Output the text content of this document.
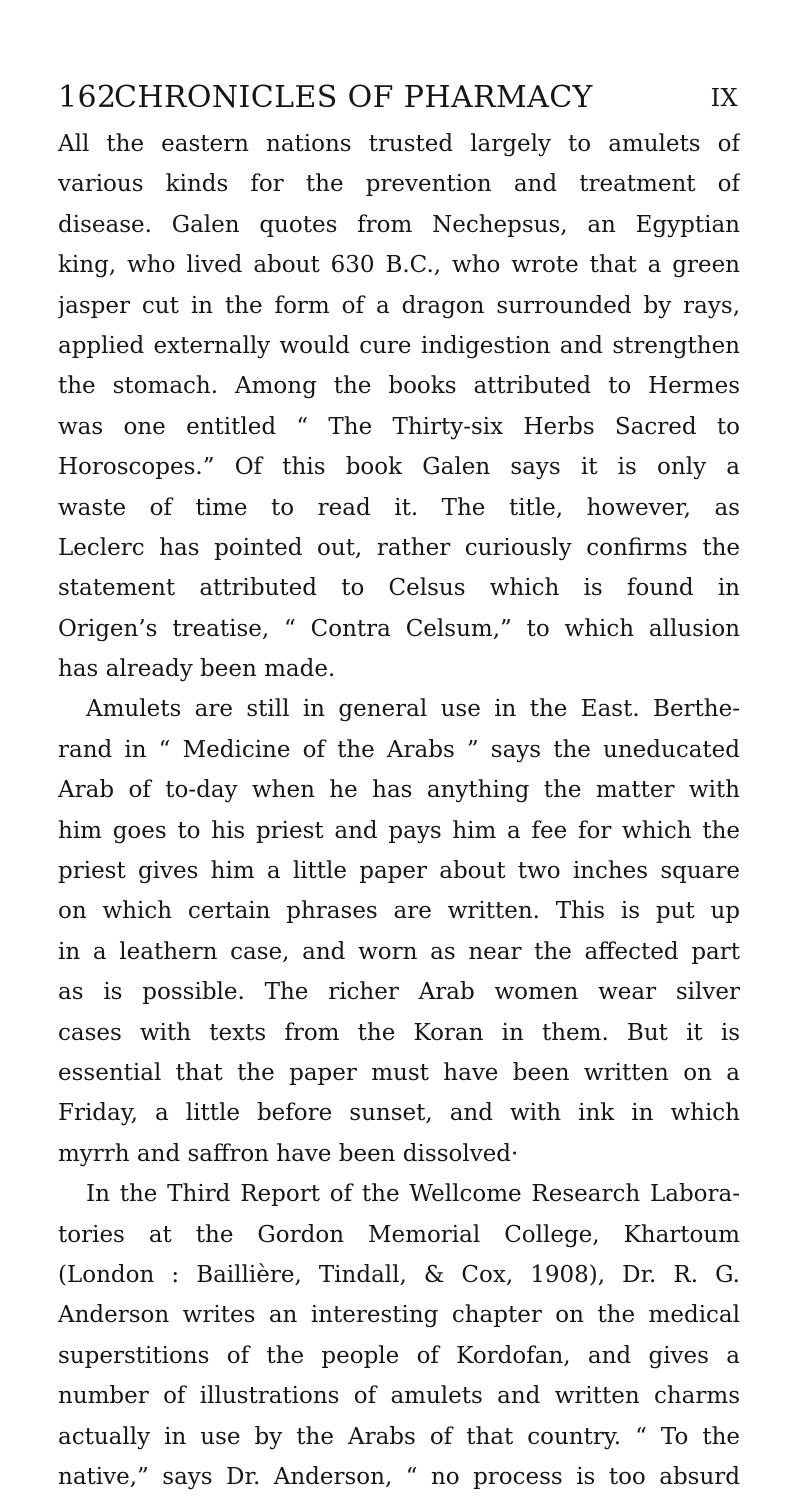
162
CHRONICLES OF PHARMACY	IX
All the eastern nations trusted largely to amulets of
various kinds for the prevention and treatment of
disease. Galen quotes from Nechepsus, an Egyptian
king, who lived about 630 B.C., who wrote that a green
jasper cut in the form of a dragon surrounded by rays,
applied externally would cure indigestion and strengthen
the stomach. Among the books attributed to Hermes
was one entitled “ The Thirty-six Herbs Sacred to
Horoscopes.” Of this book Galen says it is only a
waste of time to read it. The title, however, as
Leclerc has pointed out, rather curiously confirms the
statement attributed to Celsus which is found in
Origen’s treatise, “ Contra Celsum,” to which allusion
has already been made.
Amulets are still in general use in the East. Berthe-
rand in “ Medicine of the Arabs ” says the uneducated
Arab of to-day when he has anything the matter with
him goes to his priest and pays him a fee for which the
priest gives him a little paper about two inches square
on which certain phrases are written. This is put up
in a leathern case, and worn as near the affected part
as is possible. The richer Arab women wear silver
cases with texts from the Koran in them. But it is
essential that the paper must have been written on a
Friday, a little before sunset, and with ink in which
myrrh and saffron have been dissolved·
In the Third Report of the Wellcome Research Labora-
tories at the Gordon Memorial College, Khartoum
(London : Baillière, Tindall, & Cox, 1908), Dr. R. G.
Anderson writes an interesting chapter on the medical
superstitions of the people of Kordofan, and gives a
number of illustrations of amulets and written charms
actually in use by the Arabs of that country. “ To the
native,” says Dr. Anderson, “ no process is too absurd
